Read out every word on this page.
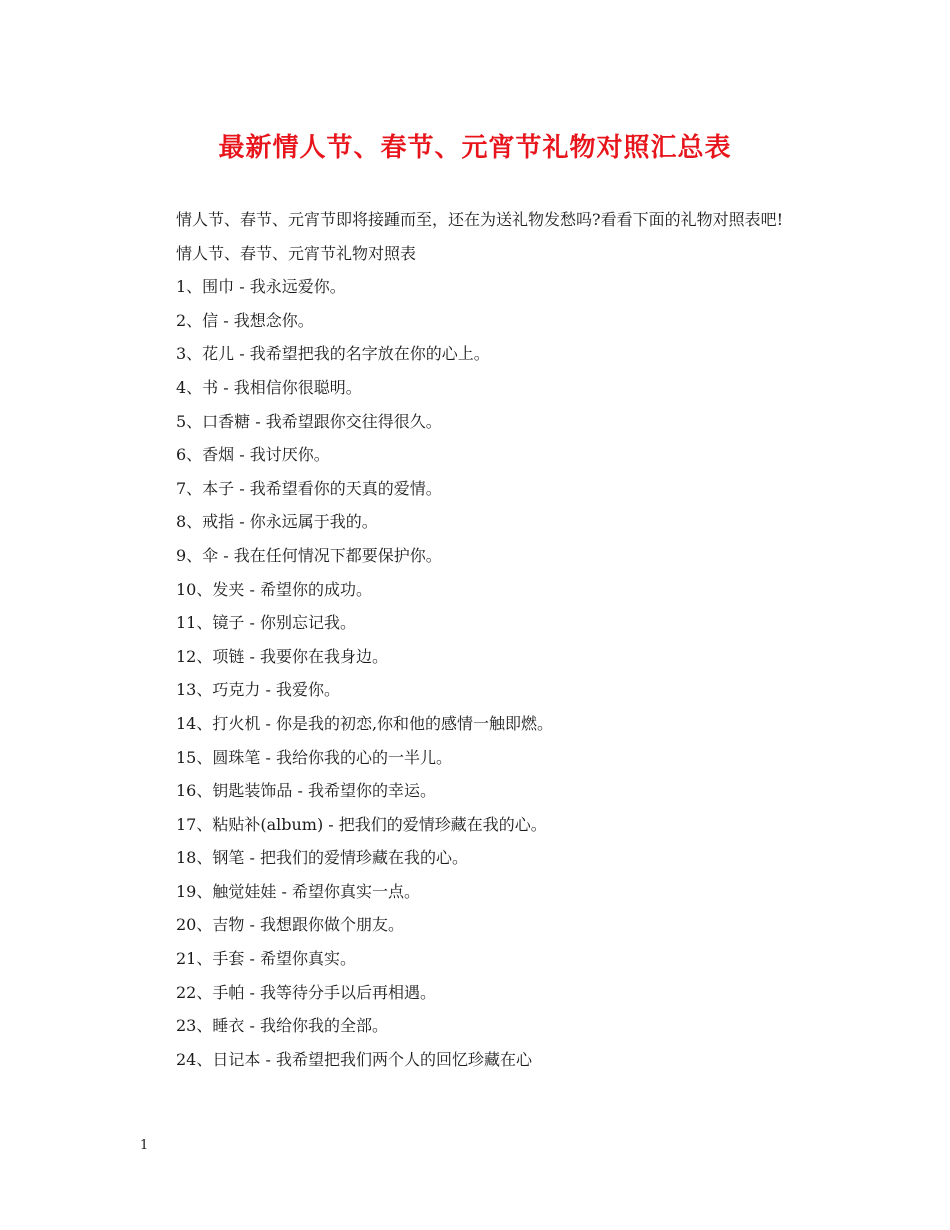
最新情人节、春节、元宵节礼物对照汇总表

情人节、春节、元宵节即将接踵而至，还在为送礼物发愁吗?看看下面的礼物对照表吧!

情人节、春节、元宵节礼物对照表

1、围巾 - 我永远爱你。
2、信 - 我想念你。
3、花儿 - 我希望把我的名字放在你的心上。
4、书 - 我相信你很聪明。
5、口香糖 - 我希望跟你交往得很久。
6、香烟 - 我讨厌你。
7、本子 - 我希望看你的天真的爱情。
8、戒指 - 你永远属于我的。
9、伞 - 我在任何情况下都要保护你。
10、发夹 - 希望你的成功。
11、镜子 - 你别忘记我。
12、项链 - 我要你在我身边。
13、巧克力 - 我爱你。
14、打火机 - 你是我的初恋,你和他的感情一触即燃。
15、圆珠笔 - 我给你我的心的一半儿。
16、钥匙装饰品 - 我希望你的幸运。
17、粘贴补(album) - 把我们的爱情珍藏在我的心。
18、钢笔 - 把我们的爱情珍藏在我的心。
19、触觉娃娃 - 希望你真实一点。
20、吉物 - 我想跟你做个朋友。
21、手套 - 希望你真实。
22、手帕 - 我等待分手以后再相遇。
23、睡衣 - 我给你我的全部。
24、日记本 - 我希望把我们两个人的回忆珍藏在心
1
